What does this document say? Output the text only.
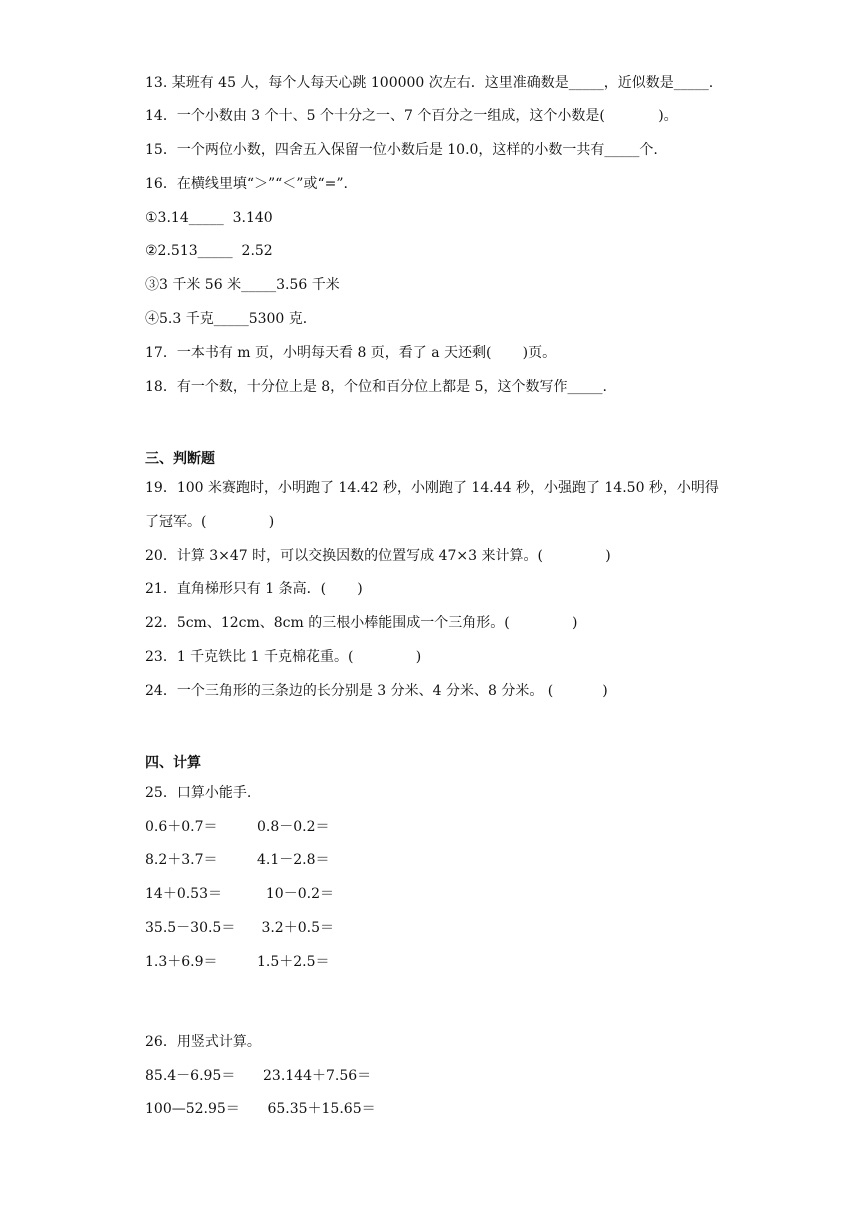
13. 某班有 45 人，每个人每天心跳 100000 次左右．这里准确数是_____，近似数是_____.
14．一个小数由 3 个十、5 个十分之一、7 个百分之一组成，这个小数是(            )。
15．一个两位小数，四舍五入保留一位小数后是 10.0，这样的小数一共有_____个.
16．在横线里填“＞”“＜”或“=”.
①3.14_____  3.140
②2.513_____  2.52
③3 千米 56 米_____3.56 千米
④5.3 千克_____5300 克．
17．一本书有 m 页，小明每天看 8 页，看了 a 天还剩(       )页。
18．有一个数，十分位上是 8，个位和百分位上都是 5，这个数写作_____.
三、判断题
19．100 米赛跑时，小明跑了 14.42 秒，小刚跑了 14.44 秒，小强跑了 14.50 秒，小明得
了冠军。(              )
20．计算 3×47 时，可以交换因数的位置写成 47×3 来计算。(              )
21．直角梯形只有 1 条高．(       )
22．5cm、12cm、8cm 的三根小棒能围成一个三角形。(              )
23．1 千克铁比 1 千克棉花重。(              )
24．一个三角形的三条边的长分别是 3 分米、4 分米、8 分米。 (           )
四、计算
25．口算小能手.
0.6＋0.7＝	0.8－0.2＝
8.2＋3.7＝	4.1－2.8＝
14＋0.53＝	10－0.2＝
35.5－30.5＝ 3.2＋0.5＝
1.3＋6.9＝	1.5＋2.5＝
26．用竖式计算。
85.4－6.95＝ 23.144＋7.56＝
100—52.95＝ 65.35＋15.65＝
